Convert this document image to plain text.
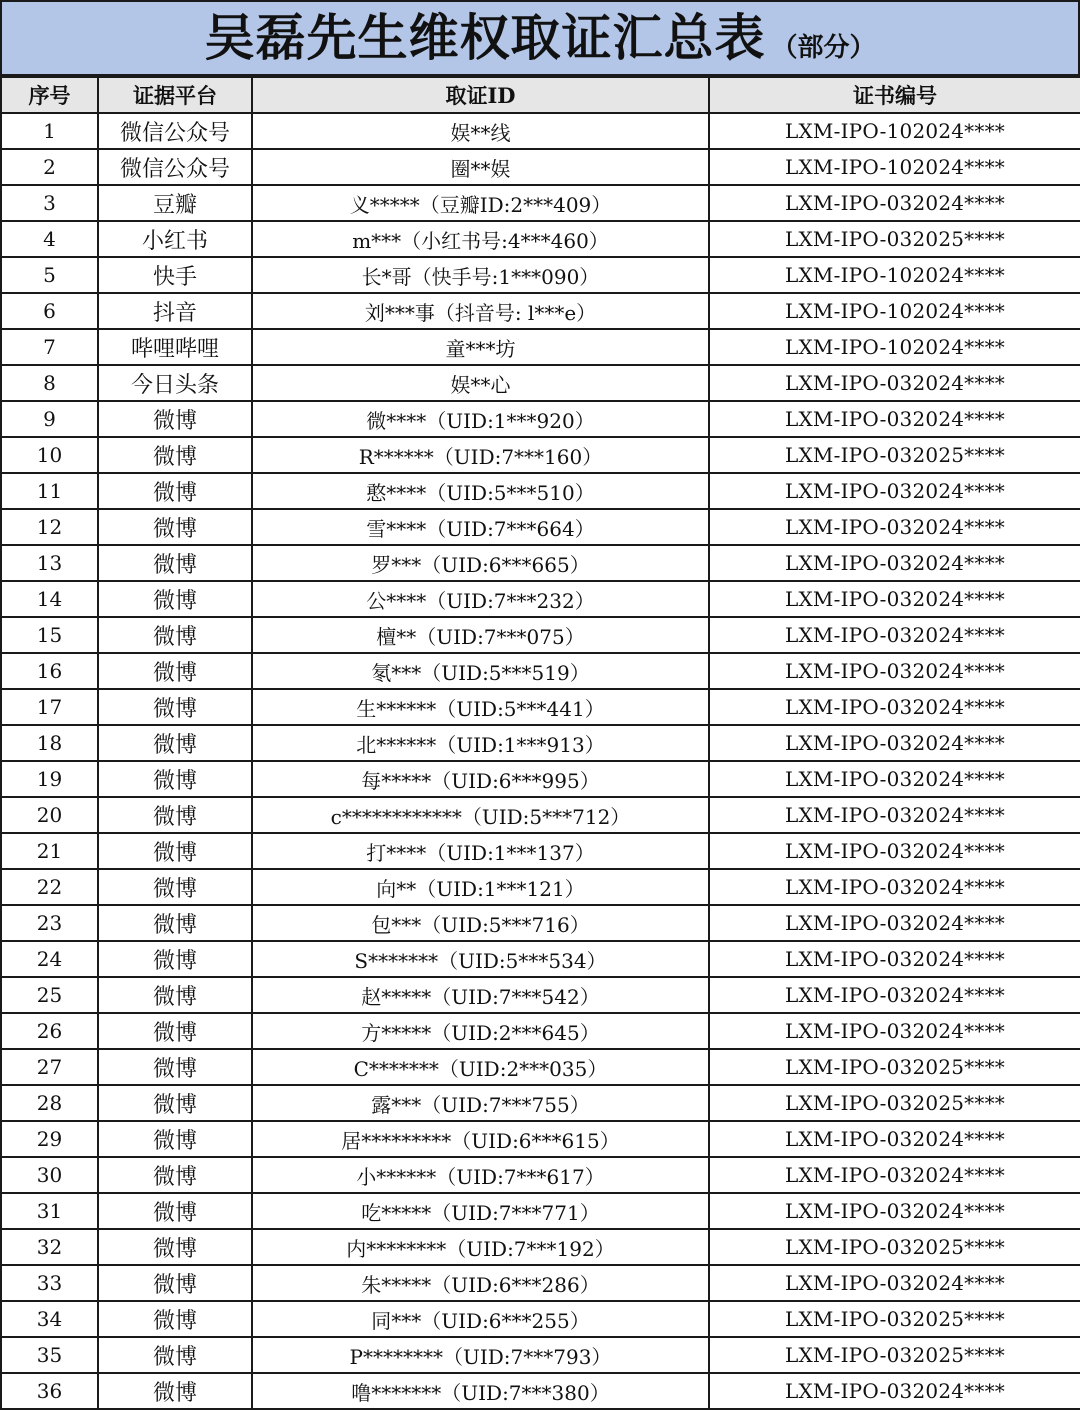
吴磊先生维权取证汇总表 （部分）
序号	证据平台	取证ID	证书编号
1	微信公众号	娱**线	LXM-IPO-102024****
2	微信公众号	圈**娱	LXM-IPO-102024****
3	豆瓣	义*****（豆瓣ID:2***409）	LXM-IPO-032024****
4	小红书	m***（小红书号:4***460）	LXM-IPO-032025****
5	快手	长*哥（快手号:1***090）	LXM-IPO-102024****
6	抖音	刘***事（抖音号: l***e）	LXM-IPO-102024****
7	哔哩哔哩	童***坊	LXM-IPO-102024****
8	今日头条	娱**心	LXM-IPO-032024****
9	微博	微****（UID:1***920）	LXM-IPO-032024****
10	微博	R******（UID:7***160）	LXM-IPO-032025****
11	微博	憨****（UID:5***510）	LXM-IPO-032024****
12	微博	雪****（UID:7***664）	LXM-IPO-032024****
13	微博	罗***（UID:6***665）	LXM-IPO-032024****
14	微博	公****（UID:7***232）	LXM-IPO-032024****
15	微博	檀**（UID:7***075）	LXM-IPO-032024****
16	微博	氡***（UID:5***519）	LXM-IPO-032024****
17	微博	生******（UID:5***441）	LXM-IPO-032024****
18	微博	北******（UID:1***913）	LXM-IPO-032024****
19	微博	每*****（UID:6***995）	LXM-IPO-032024****
20	微博	c************（UID:5***712）	LXM-IPO-032024****
21	微博	打****（UID:1***137）	LXM-IPO-032024****
22	微博	向**（UID:1***121）	LXM-IPO-032024****
23	微博	包***（UID:5***716）	LXM-IPO-032024****
24	微博	S*******（UID:5***534）	LXM-IPO-032024****
25	微博	赵*****（UID:7***542）	LXM-IPO-032024****
26	微博	方*****（UID:2***645）	LXM-IPO-032024****
27	微博	C*******（UID:2***035）	LXM-IPO-032025****
28	微博	露***（UID:7***755）	LXM-IPO-032025****
29	微博	居*********（UID:6***615）	LXM-IPO-032024****
30	微博	小******（UID:7***617）	LXM-IPO-032024****
31	微博	吃*****（UID:7***771）	LXM-IPO-032024****
32	微博	内********（UID:7***192）	LXM-IPO-032025****
33	微博	朱*****（UID:6***286）	LXM-IPO-032024****
34	微博	同***（UID:6***255）	LXM-IPO-032025****
35	微博	P********（UID:7***793）	LXM-IPO-032025****
36	微博	噜*******（UID:7***380）	LXM-IPO-032024****
